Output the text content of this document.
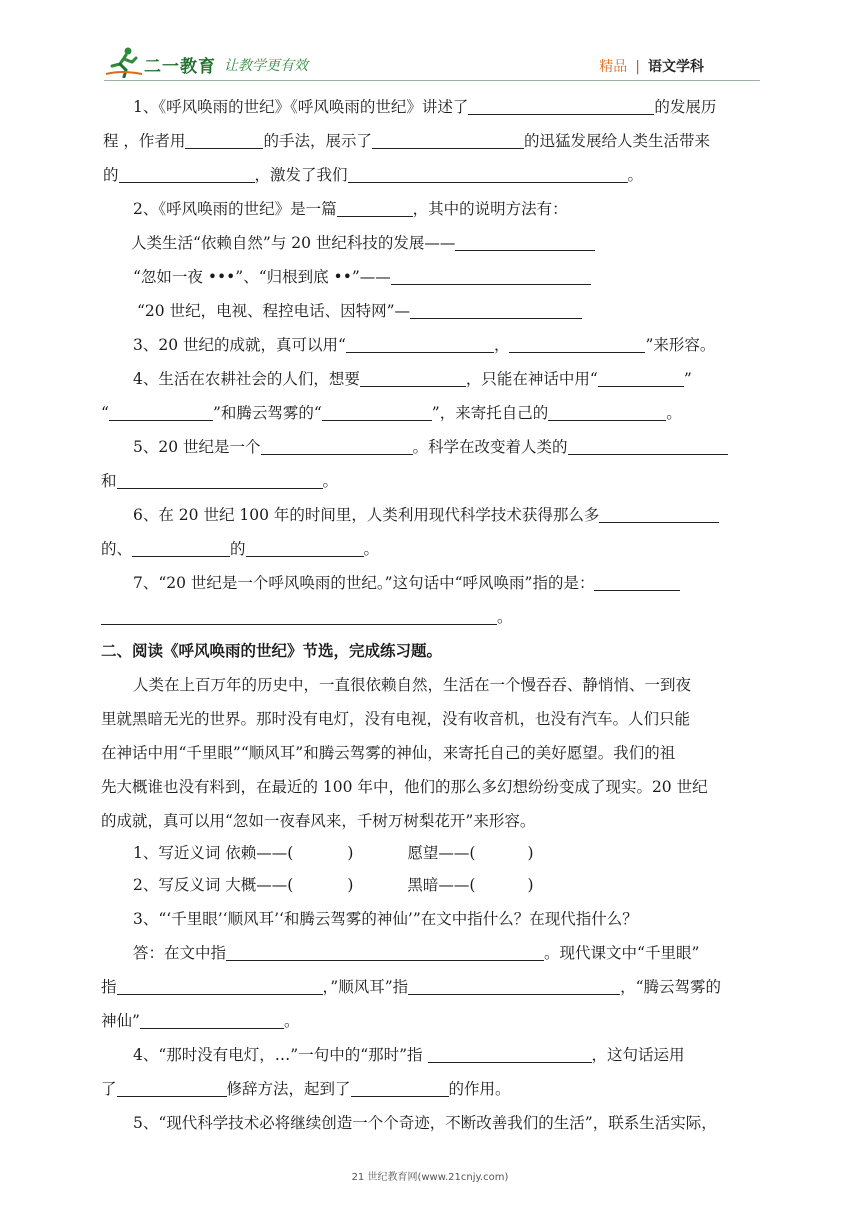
二一教育 让教学更有效	精品 | 语文学科
1、《呼风唤雨的世纪》《呼风唤雨的世纪》讲述了	的发展历
程 ，作者用	的手法，展示了	的迅猛发展给人类生活带来
的	，激发了我们	。
2、《呼风唤雨的世纪》是一篇	，其中的说明方法有：
人类生活“依赖自然”与 20 世纪科技的发展——
“忽如一夜 •••”、“归根到底 ••”——
“20 世纪，电视、程控电话、因特网”—
3、20 世纪的成就，真可以用“	，	”来形容。
4、生活在农耕社会的人们，想要	，只能在神话中用“	”
“	”和腾云驾雾的“	”，来寄托自己的	。
5、20 世纪是一个	。科学在改变着人类的
和	。
6、在 20 世纪 100 年的时间里，人类利用现代科学技术获得那么多
的、	的	。
7、“20 世纪是一个呼风唤雨的世纪。”这句话中“呼风唤雨”指的是：
。
二、阅读《呼风唤雨的世纪》节选，完成练习题。
人类在上百万年的历史中，一直很依赖自然，生活在一个慢吞吞、静悄悄、一到夜
里就黑暗无光的世界。那时没有电灯，没有电视，没有收音机，也没有汽车。人们只能
在神话中用“千里眼”“顺风耳”和腾云驾雾的神仙，来寄托自己的美好愿望。我们的祖
先大概谁也没有料到，在最近的 100 年中，他们的那么多幻想纷纷变成了现实。20 世纪
的成就，真可以用“忽如一夜春风来，千树万树梨花开”来形容。
1、写近义词 依赖——(	)	愿望——(	)
2、写反义词 大概——(	)	黑暗——(	)
3、“‘千里眼’‘顺风耳’‘和腾云驾雾的神仙’”在文中指什么？在现代指什么？
答：在文中指	。现代课文中“千里眼”
指	，”顺风耳”指	，“腾云驾雾的
神仙”	。
4、“那时没有电灯，…”一句中的“那时”指	，这句话运用
了	修辞方法，起到了	的作用。
5、“现代科学技术必将继续创造一个个奇迹，不断改善我们的生活”，联系生活实际，
21 世纪教育网(www.21cnjy.com)
